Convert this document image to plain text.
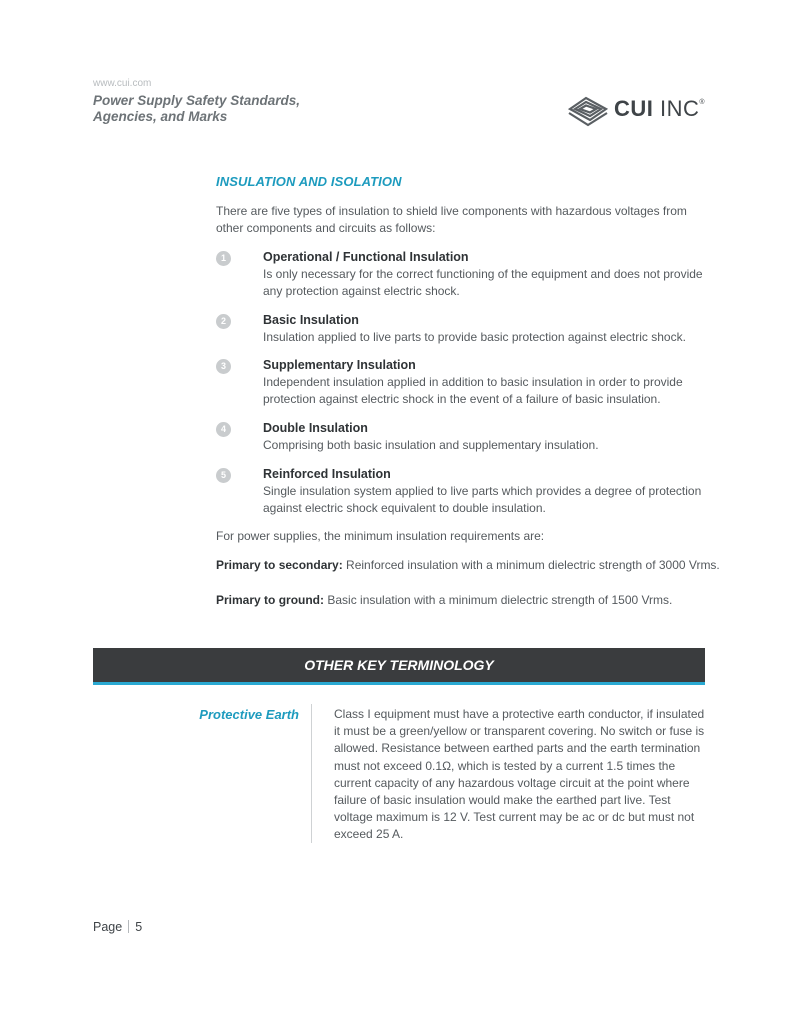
www.cui.com
Power Supply Safety Standards, Agencies, and Marks	CUI INC®
INSULATION AND ISOLATION
There are five types of insulation to shield live components with hazardous voltages from other components and circuits as follows:
1	Operational / Functional Insulation
Is only necessary for the correct functioning of the equipment and does not provide any protection against electric shock.
2	Basic Insulation
Insulation applied to live parts to provide basic protection against electric shock.
3	Supplementary Insulation
Independent insulation applied in addition to basic insulation in order to provide protection against electric shock in the event of a failure of basic insulation.
4	Double Insulation
Comprising both basic insulation and supplementary insulation.
5	Reinforced Insulation
Single insulation system applied to live parts which provides a degree of protection against electric shock equivalent to double insulation.
For power supplies, the minimum insulation requirements are:
Primary to secondary: Reinforced insulation with a minimum dielectric strength of 3000 Vrms.
Primary to ground: Basic insulation with a minimum dielectric strength of 1500 Vrms.
OTHER KEY TERMINOLOGY
Protective Earth	Class I equipment must have a protective earth conductor, if insulated it must be a green/yellow or transparent covering. No switch or fuse is allowed. Resistance between earthed parts and the earth termination must not exceed 0.1Ω, which is tested by a current 1.5 times the current capacity of any hazardous voltage circuit at the point where failure of basic insulation would make the earthed part live. Test voltage maximum is 12 V. Test current may be ac or dc but must not exceed 25 A.
Page 5
